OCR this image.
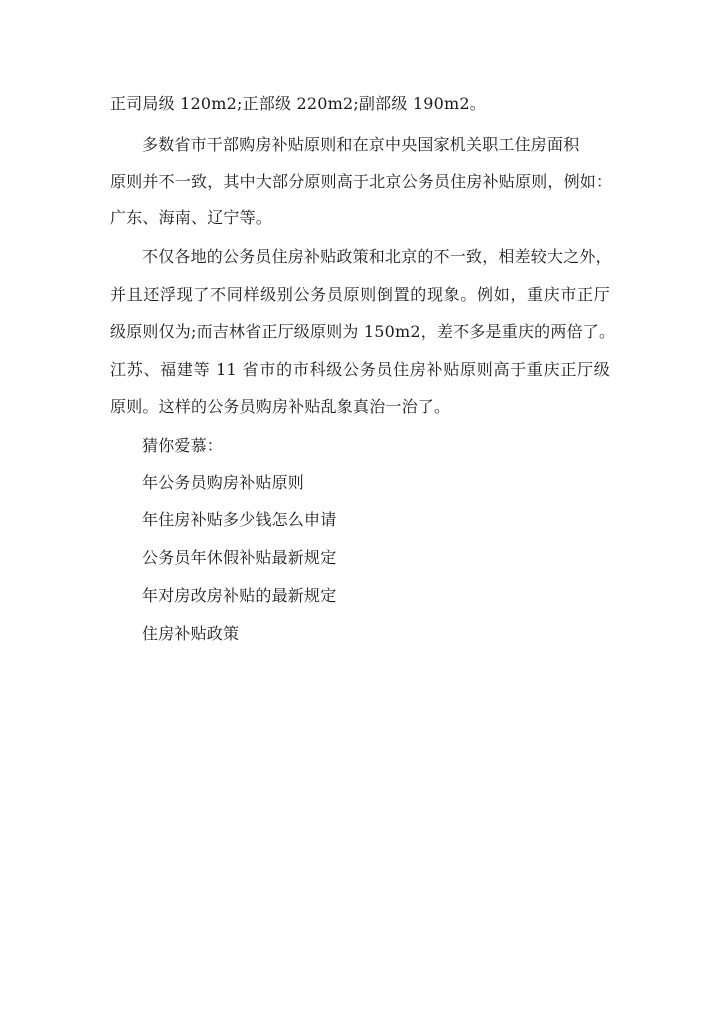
正司局级 120m2;正部级 220m2;副部级 190m2。
多数省市干部购房补贴原则和在京中央国家机关职工住房面积
原则并不一致，其中大部分原则高于北京公务员住房补贴原则，例如：
广东、海南、辽宁等。
不仅各地的公务员住房补贴政策和北京的不一致，相差较大之外，
并且还浮现了不同样级别公务员原则倒置的现象。例如，重庆市正厅
级原则仅为;而吉林省正厅级原则为 150m2，差不多是重庆的两倍了。
江苏、福建等 11 省市的市科级公务员住房补贴原则高于重庆正厅级
原则。这样的公务员购房补贴乱象真治一治了。
猜你爱慕：
年公务员购房补贴原则
年住房补贴多少钱怎么申请
公务员年休假补贴最新规定
年对房改房补贴的最新规定
住房补贴政策
